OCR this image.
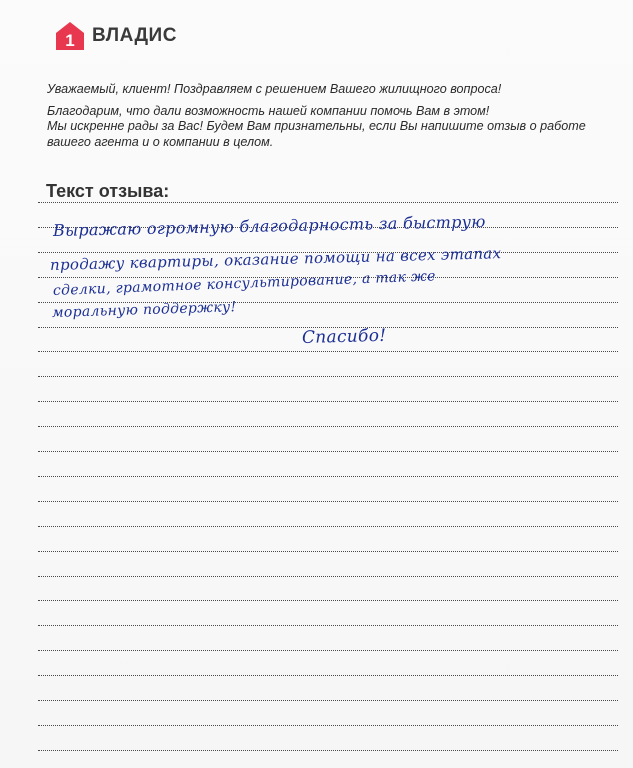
1 ВЛАДИС

Уважаемый, клиент! Поздравляем с решением Вашего жилищного вопроса!

Благодарим, что дали возможность нашей компании помочь Вам в этом!
Мы искренне рады за Вас! Будем Вам признательны, если Вы напишите отзыв о работе
вашего агента и о компании в целом.

Текст отзыва:
Выражаю огромную благодарность за быструю
продажу квартиры, оказание помощи на всех этапах
сделки, грамотное консультирование, а так же
моральную поддержку!
Спасибо!
